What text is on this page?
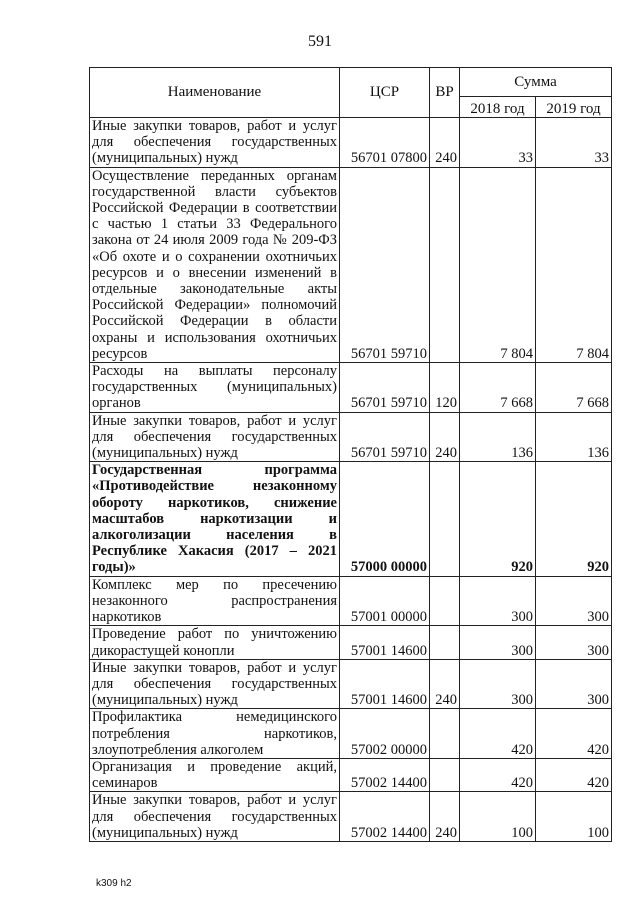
591
Наименование	ЦСР	ВР	Сумма	
			2018 год	2019 год
Иные закупки товаров, работ и услуг для обеспечения государственных (муниципальных) нужд	56701 07800	240	33	33
Осуществление переданных органам государственной власти субъектов Российской Федерации в соответствии с частью 1 статьи 33 Федерального закона от 24 июля 2009 года № 209-ФЗ «Об охоте и о сохранении охотничьих ресурсов и о внесении изменений в отдельные законодательные акты Российской Федерации» полномочий Российской Федерации в области охраны и использования охотничьих ресурсов	56701 59710		7 804	7 804
Расходы на выплаты персоналу государственных (муниципальных) органов	56701 59710	120	7 668	7 668
Иные закупки товаров, работ и услуг для обеспечения государственных (муниципальных) нужд	56701 59710	240	136	136
Государственная программа «Противодействие незаконному обороту наркотиков, снижение масштабов наркотизации и алкоголизации населения в Республике Хакасия (2017 – 2021 годы)»	57000 00000		920	920
Комплекс мер по пресечению незаконного распространения наркотиков	57001 00000		300	300
Проведение работ по уничтожению дикорастущей конопли	57001 14600		300	300
Иные закупки товаров, работ и услуг для обеспечения государственных (муниципальных) нужд	57001 14600	240	300	300
Профилактика немедицинского потребления наркотиков, злоупотребления алкоголем	57002 00000		420	420
Организация и проведение акций, семинаров	57002 14400		420	420
Иные закупки товаров, работ и услуг для обеспечения государственных (муниципальных) нужд	57002 14400	240	100	100
k309 h2
